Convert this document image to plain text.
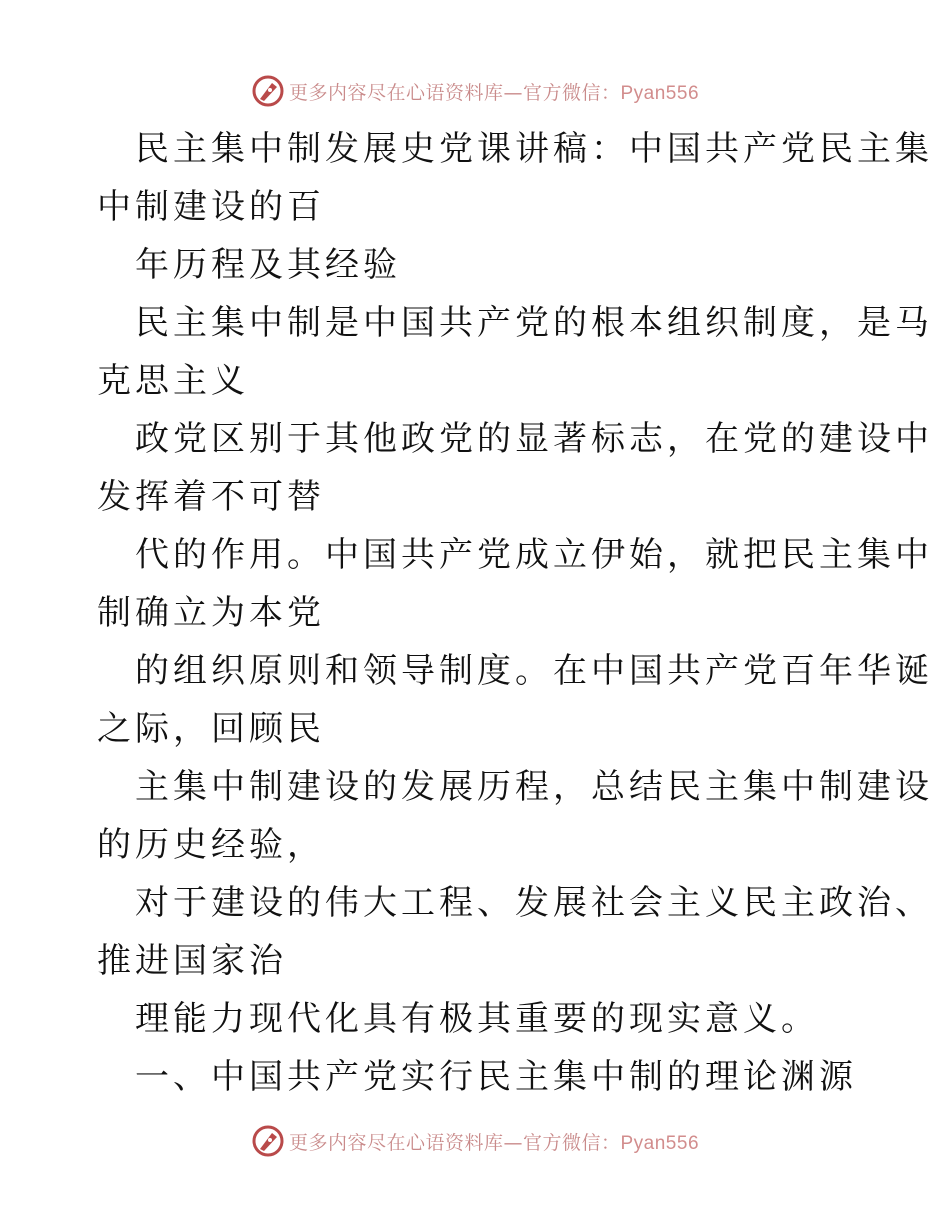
更多内容尽在心语资料库—官方微信：Pyan556
民主集中制发展史党课讲稿：中国共产党民主集
中制建设的百
年历程及其经验
民主集中制是中国共产党的根本组织制度，是马
克思主义
政党区别于其他政党的显著标志，在党的建设中
发挥着不可替
代的作用。中国共产党成立伊始，就把民主集中
制确立为本党
的组织原则和领导制度。在中国共产党百年华诞
之际，回顾民
主集中制建设的发展历程，总结民主集中制建设
的历史经验，
对于建设的伟大工程、发展社会主义民主政治、
推进国家治
理能力现代化具有极其重要的现实意义。
一、中国共产党实行民主集中制的理论渊源
更多内容尽在心语资料库—官方微信：Pyan556
